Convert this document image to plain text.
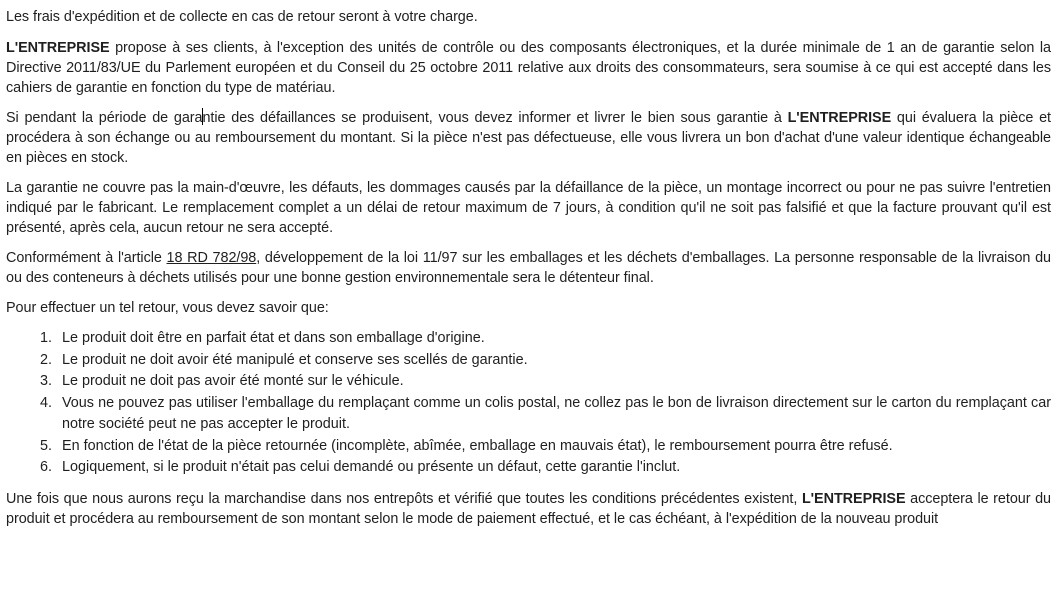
Les frais d'expédition et de collecte en cas de retour seront à votre charge.

L'ENTREPRISE propose à ses clients, à l'exception des unités de contrôle ou des composants électroniques, et la durée minimale de 1 an de garantie selon la Directive 2011/83/UE du Parlement européen et du Conseil du 25 octobre 2011 relative aux droits des consommateurs, sera soumise à ce qui est accepté dans les cahiers de garantie en fonction du type de matériau.

Si pendant la période de garantie des défaillances se produisent, vous devez informer et livrer le bien sous garantie à L'ENTREPRISE qui évaluera la pièce et procédera à son échange ou au remboursement du montant. Si la pièce n'est pas défectueuse, elle vous livrera un bon d'achat d'une valeur identique échangeable en pièces en stock.

La garantie ne couvre pas la main-d'œuvre, les défauts, les dommages causés par la défaillance de la pièce, un montage incorrect ou pour ne pas suivre l'entretien indiqué par le fabricant. Le remplacement complet a un délai de retour maximum de 7 jours, à condition qu'il ne soit pas falsifié et que la facture prouvant qu'il est présenté, après cela, aucun retour ne sera accepté.

Conformément à l'article 18 RD 782/98, développement de la loi 11/97 sur les emballages et les déchets d'emballages. La personne responsable de la livraison du ou des conteneurs à déchets utilisés pour une bonne gestion environnementale sera le détenteur final.

Pour effectuer un tel retour, vous devez savoir que:

1. Le produit doit être en parfait état et dans son emballage d'origine.
2. Le produit ne doit avoir été manipulé et conserve ses scellés de garantie.
3. Le produit ne doit pas avoir été monté sur le véhicule.
4. Vous ne pouvez pas utiliser l'emballage du remplaçant comme un colis postal, ne collez pas le bon de livraison directement sur le carton du remplaçant car notre société peut ne pas accepter le produit.
5. En fonction de l'état de la pièce retournée (incomplète, abîmée, emballage en mauvais état), le remboursement pourra être refusé.
6. Logiquement, si le produit n'était pas celui demandé ou présente un défaut, cette garantie l'inclut.

Une fois que nous aurons reçu la marchandise dans nos entrepôts et vérifié que toutes les conditions précédentes existent, L'ENTREPRISE acceptera le retour du produit et procédera au remboursement de son montant selon le mode de paiement effectué, et le cas échéant, à l'expédition de la nouveau produit
